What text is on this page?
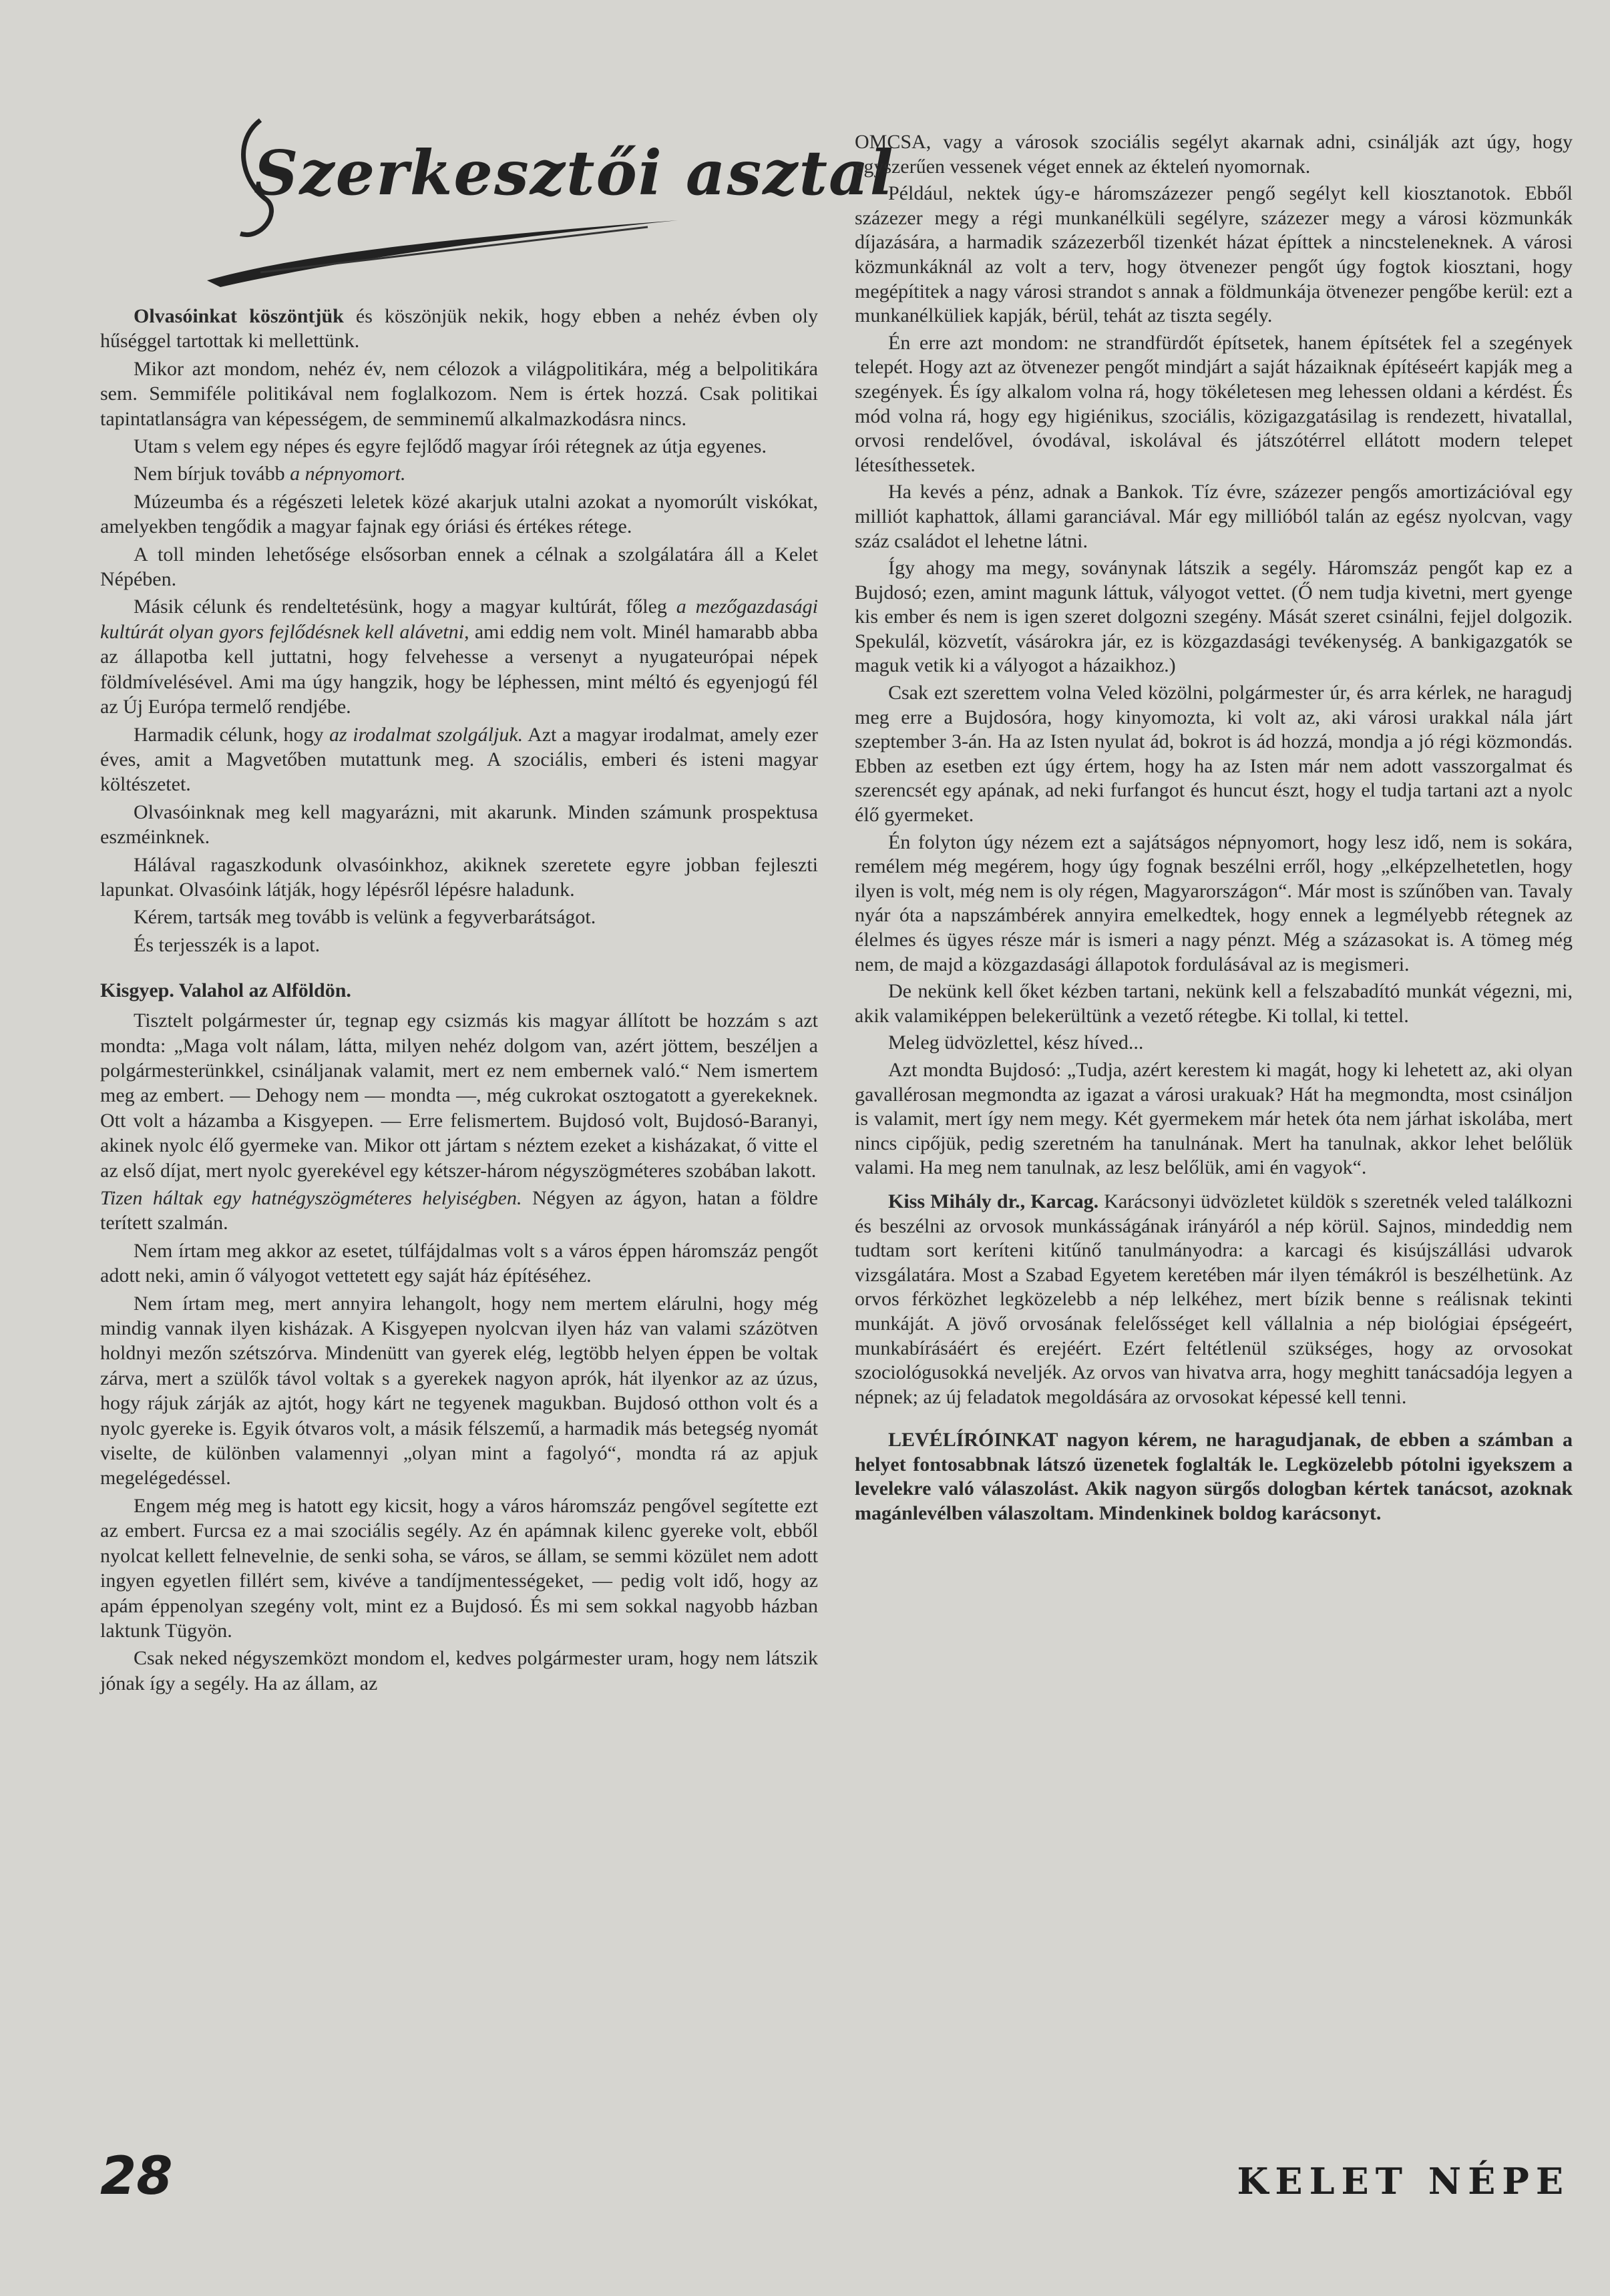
Szerkesztői asztal

Olvasóinkat köszöntjük és köszönjük nekik, hogy ebben a nehéz évben oly hűséggel tartottak ki mellettünk.

Mikor azt mondom, nehéz év, nem célozok a világpolitikára, még a belpolitikára sem. Semmiféle politikával nem foglalkozom. Nem is értek hozzá. Csak politikai tapintatlanságra van képességem, de semminemű alkalmazkodásra nincs.

Utam s velem egy népes és egyre fejlődő magyar írói rétegnek az útja egyenes.

Nem bírjuk tovább a népnyomort.

Múzeumba és a régészeti leletek közé akarjuk utalni azokat a nyomorúlt viskókat, amelyekben tengődik a magyar fajnak egy óriási és értékes rétege.

A toll minden lehetősége elsősorban ennek a célnak a szolgálatára áll a Kelet Népében.

Másik célunk és rendeltetésünk, hogy a magyar kultúrát, főleg a mezőgazdasági kultúrát olyan gyors fejlődésnek kell alávetni, ami eddig nem volt. Minél hamarabb abba az állapotba kell juttatni, hogy felvehesse a versenyt a nyugateurópai népek földmívelésével. Ami ma úgy hangzik, hogy be léphessen, mint méltó és egyenjogú fél az Új Európa termelő rendjébe.

Harmadik célunk, hogy az irodalmat szolgáljuk. Azt a magyar irodalmat, amely ezer éves, amit a Magvetőben mutattunk meg. A szociális, emberi és isteni magyar költészetet.

Olvasóinknak meg kell magyarázni, mit akarunk. Minden számunk prospektusa eszméinknek.

Hálával ragaszkodunk olvasóinkhoz, akiknek szeretete egyre jobban fejleszti lapunkat. Olvasóink látják, hogy lépésről lépésre haladunk.

Kérem, tartsák meg tovább is velünk a fegyverbarátságot.

És terjesszék is a lapot.

Kisgyep. Valahol az Alföldön.

Tisztelt polgármester úr, tegnap egy csizmás kis magyar állított be hozzám s azt mondta: „Maga volt nálam, látta, milyen nehéz dolgom van, azért jöttem, beszéljen a polgármesterünkkel, csináljanak valamit, mert ez nem embernek való.“ Nem ismertem meg az embert. — Dehogy nem — mondta —, még cukrokat osztogatott a gyerekeknek. Ott volt a házamba a Kisgyepen. — Erre felismertem. Bujdosó volt, Bujdosó-Baranyi, akinek nyolc élő gyermeke van. Mikor ott jártam s néztem ezeket a kisházakat, ő vitte el az első díjat, mert nyolc gyerekével egy kétszer-három négyszögméteres szobában lakott.

Tizen háltak egy hatnégyszögméteres helyiségben. Négyen az ágyon, hatan a földre terített szalmán.

Nem írtam meg akkor az esetet, túlfájdalmas volt s a város éppen háromszáz pengőt adott neki, amin ő vályogot vettetett egy saját ház építéséhez.

Nem írtam meg, mert annyira lehangolt, hogy nem mertem elárulni, hogy még mindig vannak ilyen kisházak. A Kisgyepen nyolcvan ilyen ház van valami százötven holdnyi mezőn szétszórva. Mindenütt van gyerek elég, legtöbb helyen éppen be voltak zárva, mert a szülők távol voltak s a gyerekek nagyon aprók, hát ilyenkor az az úzus, hogy rájuk zárják az ajtót, hogy kárt ne tegyenek magukban. Bujdosó otthon volt és a nyolc gyereke is. Egyik ótvaros volt, a másik félszemű, a harmadik más betegség nyomát viselte, de különben valamennyi „olyan mint a fagolyó“, mondta rá az apjuk megelégedéssel.

Engem még meg is hatott egy kicsit, hogy a város háromszáz pengővel segítette ezt az embert. Furcsa ez a mai szociális segély. Az én apámnak kilenc gyereke volt, ebből nyolcat kellett felnevelnie, de senki soha, se város, se állam, se semmi közület nem adott ingyen egyetlen fillért sem, kivéve a tandíjmentességeket, — pedig volt idő, hogy az apám éppenolyan szegény volt, mint ez a Bujdosó. És mi sem sokkal nagyobb házban laktunk Tügyön.

Csak neked négyszemközt mondom el, kedves polgármester uram, hogy nem látszik jónak így a segély. Ha az állam, az

OMCSA, vagy a városok szociális segélyt akarnak adni, csinálják azt úgy, hogy egyszerűen vessenek véget ennek az ékteleń nyomornak.

Például, nektek úgy-e háromszázezer pengő segélyt kell kiosztanotok. Ebből százezer megy a régi munkanélküli segélyre, százezer megy a városi közmunkák díjazására, a harmadik százezerből tizenkét házat építtek a nincsteleneknek. A városi közmunkáknál az volt a terv, hogy ötvenezer pengőt úgy fogtok kiosztani, hogy megépítitek a nagy városi strandot s annak a földmunkája ötvenezer pengőbe kerül: ezt a munkanélküliek kapják, bérül, tehát az tiszta segély.

Én erre azt mondom: ne strandfürdőt építsetek, hanem építsétek fel a szegények telepét. Hogy azt az ötvenezer pengőt mindjárt a saját házaiknak építéseért kapják meg a szegények. És így alkalom volna rá, hogy tökéletesen meg lehessen oldani a kérdést. És mód volna rá, hogy egy higiénikus, szociális, közigazgatásilag is rendezett, hivatallal, orvosi rendelővel, óvodával, iskolával és játszótérrel ellátott modern telepet létesíthessetek.

Ha kevés a pénz, adnak a Bankok. Tíz évre, százezer pengős amortizációval egy milliót kaphattok, állami garanciával. Már egy millióból talán az egész nyolcvan, vagy száz családot el lehetne látni.

Így ahogy ma megy, soványnak látszik a segély. Háromszáz pengőt kap ez a Bujdosó; ezen, amint magunk láttuk, vályogot vettet. (Ő nem tudja kivetni, mert gyenge kis ember és nem is igen szeret dolgozni szegény. Mását szeret csinálni, fejjel dolgozik. Spekulál, közvetít, vásárokra jár, ez is közgazdasági tevékenység. A bankigazgatók se maguk vetik ki a vályogot a házaikhoz.)

Csak ezt szerettem volna Veled közölni, polgármester úr, és arra kérlek, ne haragudj meg erre a Bujdosóra, hogy kinyomozta, ki volt az, aki városi urakkal nála járt szeptember 3-án. Ha az Isten nyulat ád, bokrot is ád hozzá, mondja a jó régi közmondás. Ebben az esetben ezt úgy értem, hogy ha az Isten már nem adott vasszorgalmat és szerencsét egy apának, ad neki furfangot és huncut észt, hogy el tudja tartani azt a nyolc élő gyermeket.

Én folyton úgy nézem ezt a sajátságos népnyomort, hogy lesz idő, nem is sokára, remélem még megérem, hogy úgy fognak beszélni erről, hogy „elképzelhetetlen, hogy ilyen is volt, még nem is oly régen, Magyarországon“. Már most is szűnőben van. Tavaly nyár óta a napszámbérek annyira emelkedtek, hogy ennek a legmélyebb rétegnek az élelmes és ügyes része már is ismeri a nagy pénzt. Még a százasokat is. A tömeg még nem, de majd a közgazdasági állapotok fordulásával az is megismeri.

De nekünk kell őket kézben tartani, nekünk kell a felszabadító munkát végezni, mi, akik valamiképpen belekerültünk a vezető rétegbe. Ki tollal, ki tettel.

Meleg üdvözlettel, kész híved...

Azt mondta Bujdosó: „Tudja, azért kerestem ki magát, hogy ki lehetett az, aki olyan gavallérosan megmondta az igazat a városi urakuak? Hát ha megmondta, most csináljon is valamit, mert így nem megy. Két gyermekem már hetek óta nem járhat iskolába, mert nincs cipőjük, pedig szeretném ha tanulnának. Mert ha tanulnak, akkor lehet belőlük valami. Ha meg nem tanulnak, az lesz belőlük, ami én vagyok“.

Kiss Mihály dr., Karcag. Karácsonyi üdvözletet küldök s szeretnék veled találkozni és beszélni az orvosok munkásságának irányáról a nép körül. Sajnos, mindeddig nem tudtam sort keríteni kitűnő tanulmányodra: a karcagi és kisújszállási udvarok vizsgálatára. Most a Szabad Egyetem keretében már ilyen témákról is beszélhetünk. Az orvos férközhet legközelebb a nép lelkéhez, mert bízik benne s reálisnak tekinti munkáját. A jövő orvosának felelősséget kell vállalnia a nép biológiai épségeért, munkabírásáért és erejéért. Ezért feltétlenül szükséges, hogy az orvosokat szociológusokká neveljék. Az orvos van hivatva arra, hogy meghitt tanácsadója legyen a népnek; az új feladatok megoldására az orvosokat képessé kell tenni.

LEVÉLÍRÓINKAT nagyon kérem, ne haragudjanak, de ebben a számban a helyet fontosabbnak látszó üzenetek foglalták le. Legközelebb pótolni igyekszem a levelekre való válaszolást. Akik nagyon sürgős dologban kértek tanácsot, azoknak magánlevélben válaszoltam. Mindenkinek boldog karácsonyt.

28	KELET NÉPE
